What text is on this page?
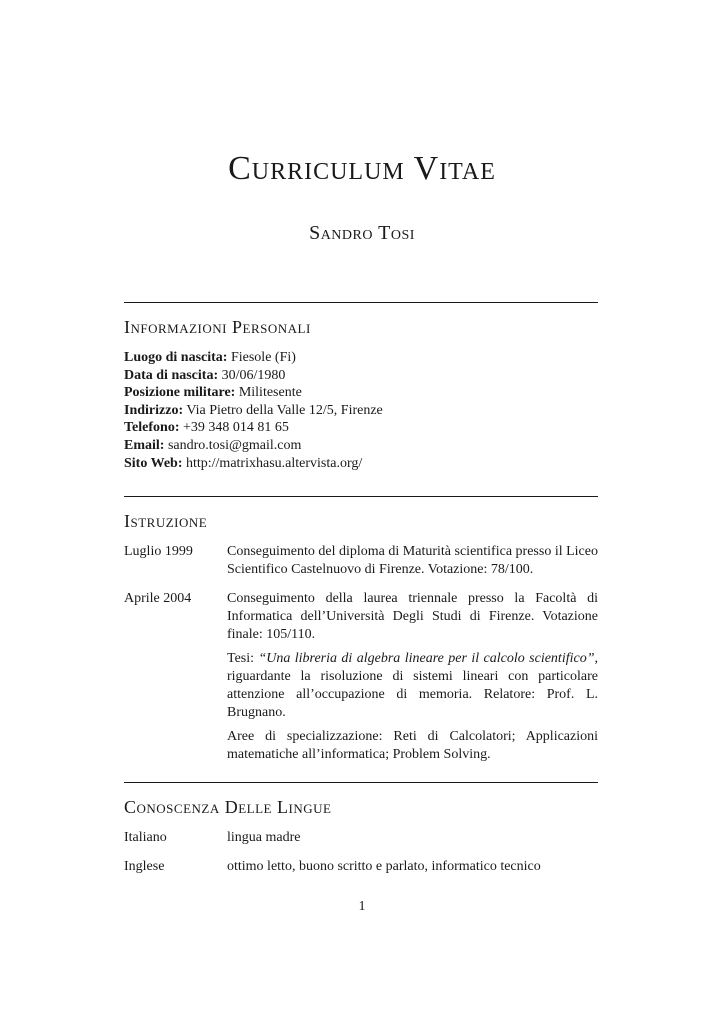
Curriculum Vitae
Sandro Tosi
Informazioni Personali
Luogo di nascita: Fiesole (Fi)
Data di nascita: 30/06/1980
Posizione militare: Militesente
Indirizzo: Via Pietro della Valle 12/5, Firenze
Telefono: +39 348 014 81 65
Email: sandro.tosi@gmail.com
Sito Web: http://matrixhasu.altervista.org/
Istruzione
Luglio 1999	Conseguimento del diploma di Maturità scientifica presso il Liceo Scientifico Castelnuovo di Firenze. Votazione: 78/100.

Aprile 2004	Conseguimento della laurea triennale presso la Facoltà di Informatica dell’Università Degli Studi di Firenze. Votazione finale: 105/110.

Tesi: “Una libreria di algebra lineare per il calcolo scientifico”, riguardante la risoluzione di sistemi lineari con particolare attenzione all’occupazione di memoria. Relatore: Prof. L. Brugnano.

Aree di specializzazione: Reti di Calcolatori; Applicazioni matematiche all’informatica; Problem Solving.

Conoscenza Delle Lingue
Italiano	lingua madre
Inglese	ottimo letto, buono scritto e parlato, informatico tecnico
1
